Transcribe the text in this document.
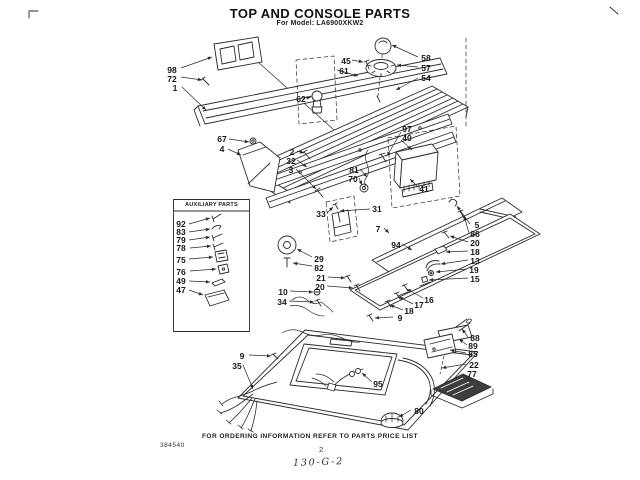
TOP AND CONSOLE PARTS
For Model: LA6900XKW2
AUXILIARY PARTS
FOR ORDERING INFORMATION REFER TO PARTS PRICE LIST
384540	2
130-G-2
98
72
1
45
61
58
57
54
62
97
40
67
4	2
32
3	81
70
41
33	31
7	5
86
20
18
13
19
15
94
29
82
21
20
10
34	16
17
18
9
9
35
95
88
89
85
22
77
80
92
83
79
78
75
76
49
47
